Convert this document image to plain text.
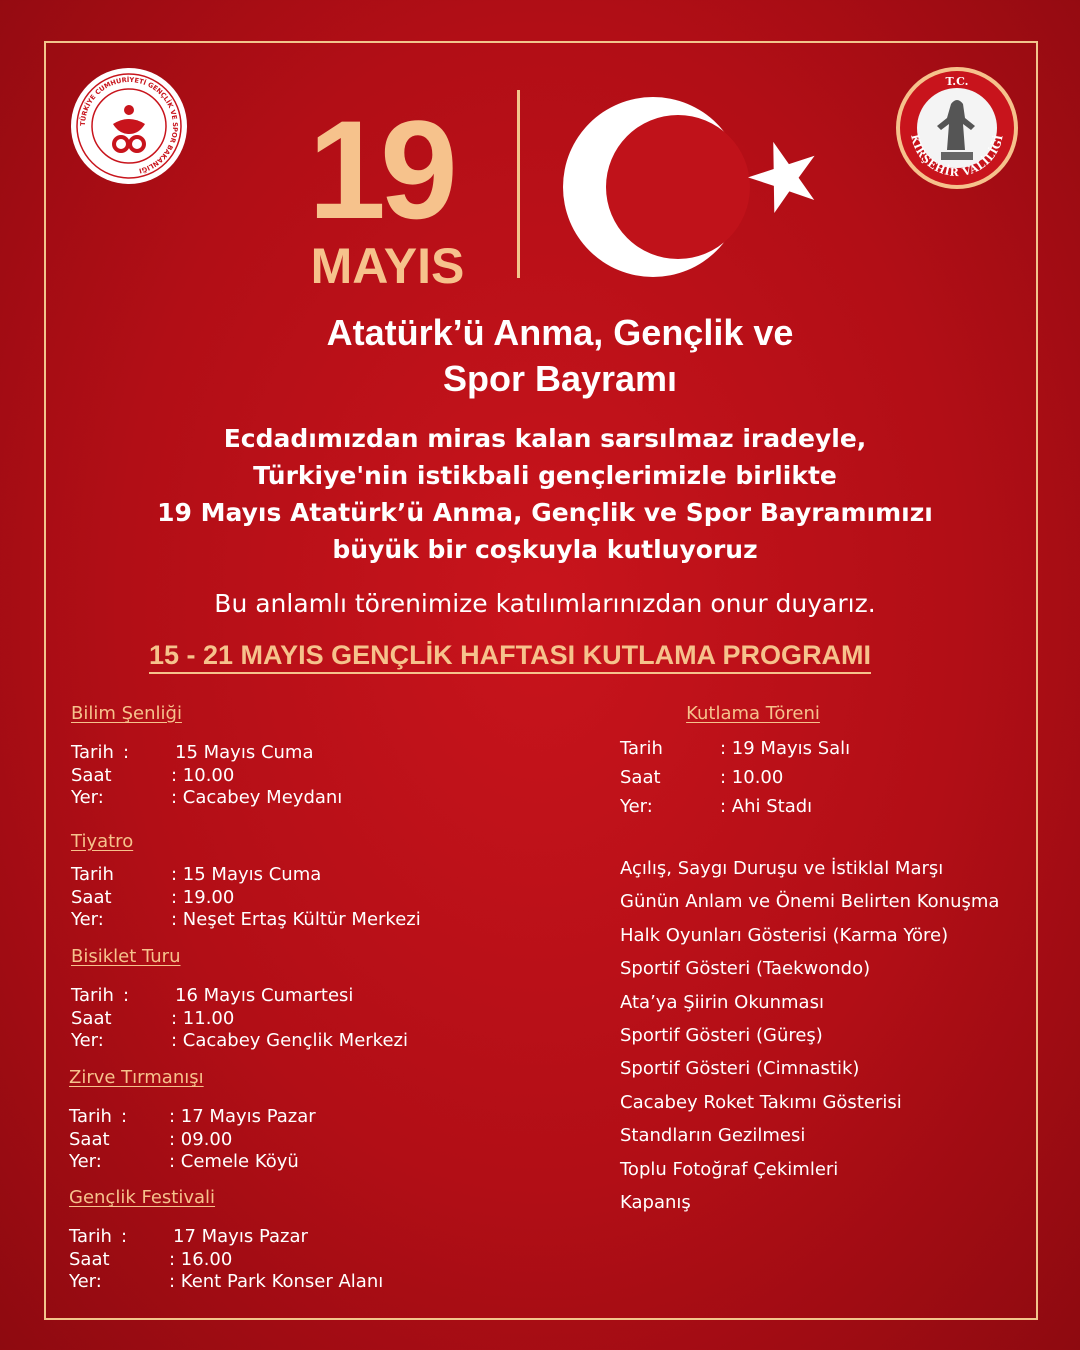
TÜRKİYE CUMHURİYETİ GENÇLİK VE SPOR BAKANLIĞI
T.C.
KIRŞEHİR VALİLİĞİ
19
MAYIS
Atatürk’ü Anma, Gençlik ve
Spor Bayramı
Ecdadımızdan miras kalan sarsılmaz iradeyle,
Türkiye'nin istikbali gençlerimizle birlikte
19 Mayıs Atatürk’ü Anma, Gençlik ve Spor Bayramımızı
büyük bir coşkuyla kutluyoruz
Bu anlamlı törenimize katılımlarınızdan onur duyarız.
15 - 21 MAYIS GENÇLİK HAFTASI KUTLAMA PROGRAMI
Bilim Şenliği
Tarih :	15 Mayıs Cuma
Saat	: 10.00
Yer:	: Cacabey Meydanı
Tiyatro
Tarih	: 15 Mayıs Cuma
Saat	: 19.00
Yer:	: Neşet Ertaş Kültür Merkezi
Bisiklet Turu
Tarih :	16 Mayıs Cumartesi
Saat	: 11.00
Yer:	: Cacabey Gençlik Merkezi
Zirve Tırmanışı
Tarih : : 17 Mayıs Pazar
Saat	: 09.00
Yer:	: Cemele Köyü
Gençlik Festivali
Tarih :	17 Mayıs Pazar
Saat	: 16.00
Yer:	: Kent Park Konser Alanı
Kutlama Töreni
Tarih	: 19 Mayıs Salı
Saat	: 10.00
Yer:	: Ahi Stadı
Açılış, Saygı Duruşu ve İstiklal Marşı
Günün Anlam ve Önemi Belirten Konuşma
Halk Oyunları Gösterisi (Karma Yöre)
Sportif Gösteri (Taekwondo)
Ata’ya Şiirin Okunması
Sportif Gösteri (Güreş)
Sportif Gösteri (Cimnastik)
Cacabey Roket Takımı Gösterisi
Standların Gezilmesi
Toplu Fotoğraf Çekimleri
Kapanış
